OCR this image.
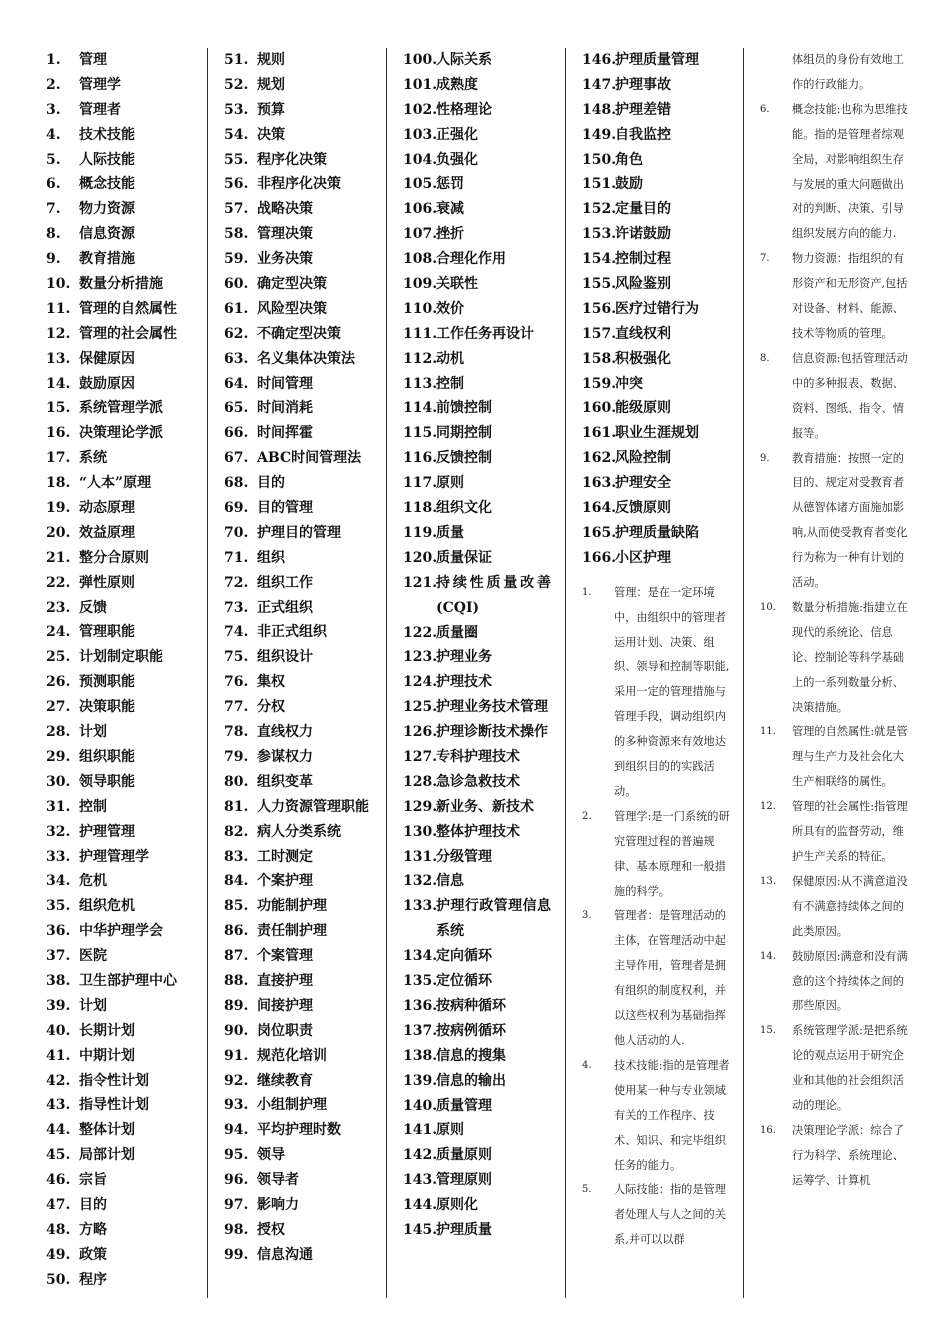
1. 管理
2. 管理学
3. 管理者
4. 技术技能
5. 人际技能
6. 概念技能
7. 物力资源
8. 信息资源
9. 教育措施
10. 数量分析措施
11. 管理的自然属性
12. 管理的社会属性
13. 保健原因
14. 鼓励原因
15. 系统管理学派
16. 决策理论学派
17. 系统
18. “人本”原理
19. 动态原理
20. 效益原理
21. 整分合原则
22. 弹性原则
23. 反馈
24. 管理职能
25. 计划制定职能
26. 预测职能
27. 决策职能
28. 计划
29. 组织职能
30. 领导职能
31. 控制
32. 护理管理
33. 护理管理学
34. 危机
35. 组织危机
36. 中华护理学会
37. 医院
38. 卫生部护理中心
39. 计划
40. 长期计划
41. 中期计划
42. 指令性计划
43. 指导性计划
44. 整体计划
45. 局部计划
46. 宗旨
47. 目的
48. 方略
49. 政策
50. 程序
51. 规则
52. 规划
53. 预算
54. 决策
55. 程序化决策
56. 非程序化决策
57. 战略决策
58. 管理决策
59. 业务决策
60. 确定型决策
61. 风险型决策
62. 不确定型决策
63. 名义集体决策法
64. 时间管理
65. 时间消耗
66. 时间挥霍
67. ABC时间管理法
68. 目的
69. 目的管理
70. 护理目的管理
71. 组织
72. 组织工作
73. 正式组织
74. 非正式组织
75. 组织设计
76. 集权
77. 分权
78. 直线权力
79. 参谋权力
80. 组织变革
81. 人力资源管理职能
82. 病人分类系统
83. 工时测定
84. 个案护理
85. 功能制护理
86. 责任制护理
87. 个案管理
88. 直接护理
89. 间接护理
90. 岗位职责
91. 规范化培训
92. 继续教育
93. 小组制护理
94. 平均护理时数
95. 领导
96. 领导者
97. 影响力
98. 授权
99. 信息沟通
100.
人际关系
101.
成熟度
102.
性格理论
103.
正强化
104.
负强化
105.
惩罚
106.
衰减
107.
挫折
108.
合理化作用
109.
关联性
110.
效价
111.
工作任务再设计
112.
动机
113.
控制
114.
前馈控制
115.
同期控制
116.
反馈控制
117.
原则
118.
组织文化
119.
质量
120.
质量保证
121.
持续性质量改善(CQI)
122.
质量圈
123.
护理业务
124.
护理技术
125.
护理业务技术管理
126.
护理诊断技术操作
127.
专科护理技术
128.
急诊急救技术
129.
新业务、新技术
130.
整体护理技术
131.
分级管理
132.
信息
133.
护理行政管理信息系统
134.
定向循环
135.
定位循环
136.
按病种循环
137.
按病例循环
138.
信息的搜集
139.
信息的输出
140.
质量管理
141.
原则
142.
质量原则
143.
管理原则
144.
原则化
145.
护理质量
146.
护理质量管理
147.
护理事故
148.
护理差错
149.
自我监控
150.
角色
151.
鼓励
152.
定量目的
153.
许诺鼓励
154.
控制过程
155.
风险鉴别
156.
医疗过错行为
157.
直线权利
158.
积极强化
159.
冲突
160.
能级原则
161.
职业生涯规划
162.
风险控制
163.
护理安全
164.
反馈原则
165.
护理质量缺陷
166.
小区护理
1. 管理：是在一定环境中，由组织中的管理者运用计划、决策、组织、领导和控制等职能,采用一定的管理措施与管理手段，调动组织内的多种资源来有效地达到组织目的的实践活动。
2. 管理学:是一门系统的研究管理过程的普遍规律、基本原理和一般措施的科学。
3. 管理者：是管理活动的主体，在管理活动中起主导作用，管理者是拥有组织的制度权利，并以这些权利为基础指挥他人活动的人.
4. 技术技能:指的是管理者使用某一种与专业领域有关的工作程序、技术、知识、和完毕组织任务的能力。
5. 人际技能：指的是管理者处理人与人之间的关系,并可以以群
体组员的身份有效地工作的行政能力。
6. 概念技能:也称为思维技能。指的是管理者综观全局，对影响组织生存与发展的重大问题做出对的判断、决策、引导组织发展方向的能力.
7. 物力资源：指组织的有形资产和无形资产,包括对设备、材料、能源、技术等物质的管理。
8. 信息资源:包括管理活动中的多种报表、数据、资料、图纸、指令、情报等。
9. 教育措施：按照一定的目的、规定对受教育者从德智体诸方面施加影响,从而使受教育者变化行为称为一种有计划的活动。
10. 数量分析措施:指建立在现代的系统论、信息论、控制论等科学基础上的一系列数量分析、决策措施。
11. 管理的自然属性:就是管理与生产力及社会化大生产相联络的属性。
12. 管理的社会属性:指管理所具有的监督劳动，维护生产关系的特征。
13. 保健原因:从不满意道没有不满意持续体之间的此类原因。
14. 鼓励原因:满意和没有满意的这个持续体之间的那些原因。
15. 系统管理学派:是把系统论的观点运用于研究企业和其他的社会组织活动的理论。
16. 决策理论学派：综合了行为科学、系统理论、运筹学、计算机
